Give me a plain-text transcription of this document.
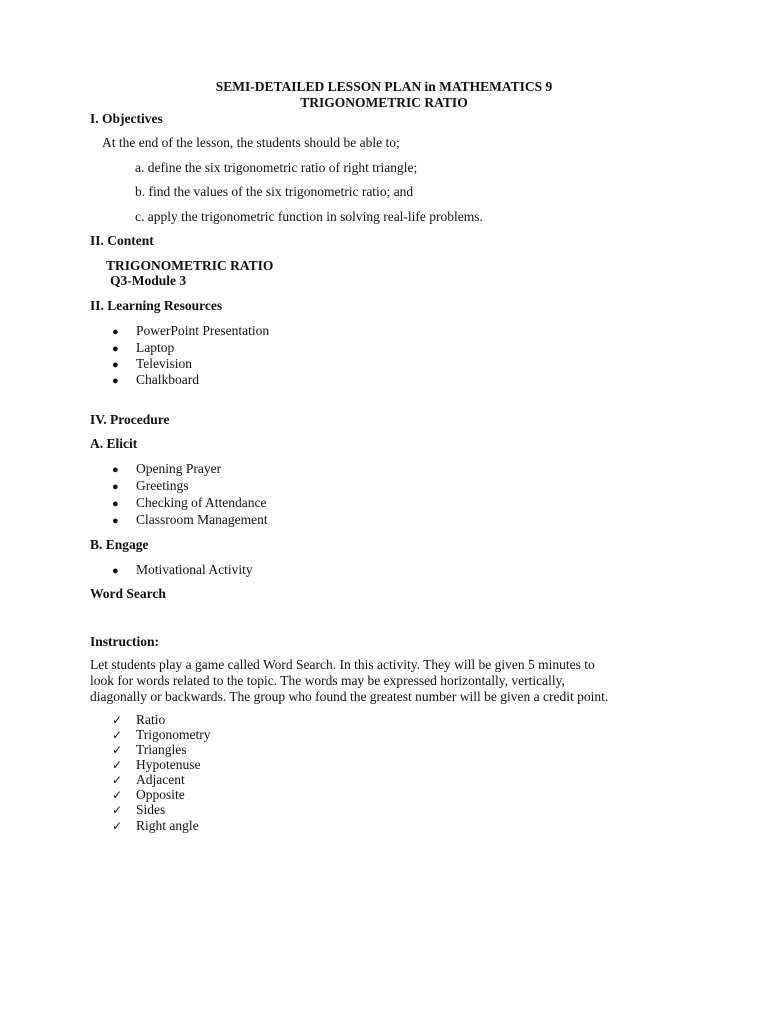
SEMI-DETAILED LESSON PLAN in MATHEMATICS 9
TRIGONOMETRIC RATIO
I. Objectives
At the end of the lesson, the students should be able to;
a. define the six trigonometric ratio of right triangle;
b. find the values of the six trigonometric ratio; and
c. apply the trigonometric function in solving real-life problems.
II. Content
TRIGONOMETRIC RATIO
Q3-Module 3
II. Learning Resources
● PowerPoint Presentation
● Laptop
● Television
● Chalkboard
IV. Procedure
A. Elicit
● Opening Prayer
● Greetings
● Checking of Attendance
● Classroom Management
B. Engage
● Motivational Activity
Word Search
Instruction:
Let students play a game called Word Search. In this activity. They will be given 5 minutes to
look for words related to the topic. The words may be expressed horizontally, vertically,
diagonally or backwards. The group who found the greatest number will be given a credit point.
✓ Ratio
✓ Trigonometry
✓ Triangles
✓ Hypotenuse
✓ Adjacent
✓ Opposite
✓ Sides
✓ Right angle
